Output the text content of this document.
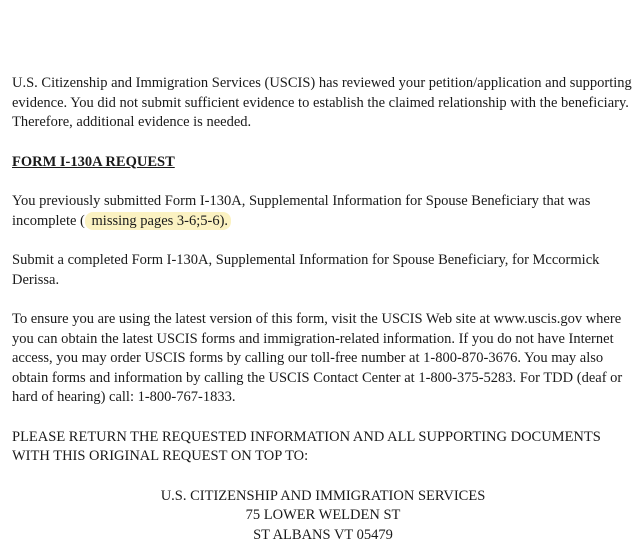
U.S. Citizenship and Immigration Services (USCIS) has reviewed your petition/application and supporting evidence. You did not submit sufficient evidence to establish the claimed relationship with the beneficiary. Therefore, additional evidence is needed.

FORM I-130A REQUEST

You previously submitted Form I-130A, Supplemental Information for Spouse Beneficiary that was incomplete ( missing pages 3-6;5-6).

Submit a completed Form I-130A, Supplemental Information for Spouse Beneficiary, for Mccormick Derissa.

To ensure you are using the latest version of this form, visit the USCIS Web site at www.uscis.gov where you can obtain the latest USCIS forms and immigration-related information. If you do not have Internet access, you may order USCIS forms by calling our toll-free number at 1-800-870-3676. You may also obtain forms and information by calling the USCIS Contact Center at 1-800-375-5283. For TDD (deaf or hard of hearing) call: 1-800-767-1833.

PLEASE RETURN THE REQUESTED INFORMATION AND ALL SUPPORTING DOCUMENTS WITH THIS ORIGINAL REQUEST ON TOP TO:

U.S. CITIZENSHIP AND IMMIGRATION SERVICES
75 LOWER WELDEN ST
ST ALBANS VT 05479
